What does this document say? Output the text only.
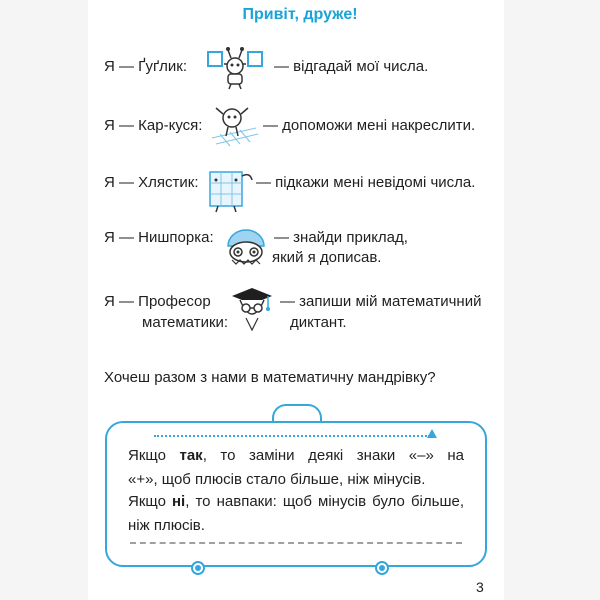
Привіт, друже!
Я — Ґуґлик:	— відгадай мої числа.
Я — Кар-куся:	— допоможи мені накреслити.
Я — Хлястик:	— підкажи мені невідомі числа.
Я — Нишпорка:	— знайди приклад,
який я дописав.
Я — Професор
математики:
— запиши мій математичний
диктант.
Хочеш разом з нами в математичну мандрівку?
Якщо так, то заміни деякі знаки «–» на
«+», щоб плюсів стало більше, ніж мінусів.
Якщо ні, то навпаки: щоб мінусів було більше,
ніж плюсів.
3
